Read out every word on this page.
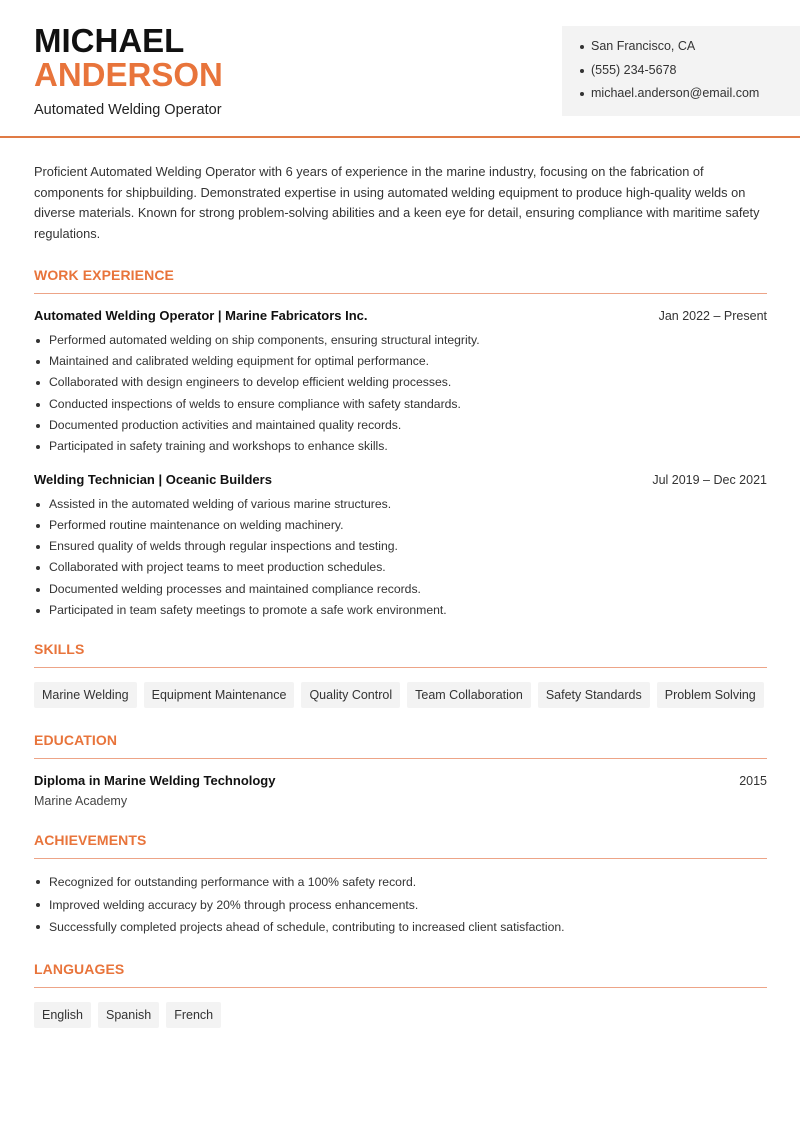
MICHAEL
ANDERSON
Automated Welding Operator
San Francisco, CA
(555) 234-5678
michael.anderson@email.com

Proficient Automated Welding Operator with 6 years of experience in the marine industry, focusing on the fabrication of components for shipbuilding. Demonstrated expertise in using automated welding equipment to produce high-quality welds on diverse materials. Known for strong problem-solving abilities and a keen eye for detail, ensuring compliance with maritime safety regulations.

WORK EXPERIENCE
Automated Welding Operator | Marine Fabricators Inc.	Jan 2022 – Present
Performed automated welding on ship components, ensuring structural integrity.
Maintained and calibrated welding equipment for optimal performance.
Collaborated with design engineers to develop efficient welding processes.
Conducted inspections of welds to ensure compliance with safety standards.
Documented production activities and maintained quality records.
Participated in safety training and workshops to enhance skills.
Welding Technician | Oceanic Builders	Jul 2019 – Dec 2021
Assisted in the automated welding of various marine structures.
Performed routine maintenance on welding machinery.
Ensured quality of welds through regular inspections and testing.
Collaborated with project teams to meet production schedules.
Documented welding processes and maintained compliance records.
Participated in team safety meetings to promote a safe work environment.
SKILLS
Marine Welding	Equipment Maintenance	Quality Control	Team Collaboration	Safety Standards	Problem Solving
EDUCATION
Diploma in Marine Welding Technology	2015
Marine Academy
ACHIEVEMENTS
Recognized for outstanding performance with a 100% safety record.
Improved welding accuracy by 20% through process enhancements.
Successfully completed projects ahead of schedule, contributing to increased client satisfaction.
LANGUAGES
English	Spanish	French
